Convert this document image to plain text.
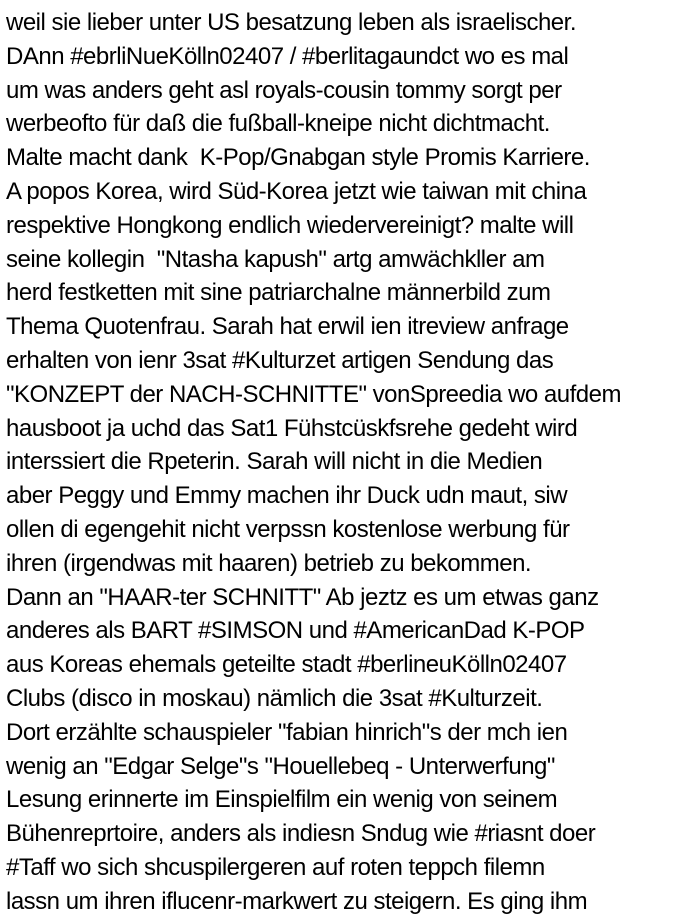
weil sie lieber unter US besatzung leben als israelischer.
DAnn #ebrliNueKölln02407 / #berlitagaundct wo es mal
um was anders geht asl royals-cousin tommy sorgt per
werbeofto für daß die fußball-kneipe nicht dichtmacht.
Malte macht dank  K-Pop/Gnabgan style Promis Karriere.
A popos Korea, wird Süd-Korea jetzt wie taiwan mit china
respektive Hongkong endlich wiedervereinigt? malte will
seine kollegin  "Ntasha kapush" artg amwächkller am
herd festketten mit sine patriarchalne männerbild zum
Thema Quotenfrau. Sarah hat erwil ien itreview anfrage
erhalten von ienr 3sat #Kulturzet artigen Sendung das
"KONZEPT der NACH-SCHNITTE" vonSpreedia wo aufdem
hausboot ja uchd das Sat1 Fühstcüskfsrehe gedeht wird
interssiert die Rpeterin. Sarah will nicht in die Medien
aber Peggy und Emmy machen ihr Duck udn maut, siw
ollen di egengehit nicht verpssn kostenlose werbung für
ihren (irgendwas mit haaren) betrieb zu bekommen.
Dann an "HAAR-ter SCHNITT" Ab jeztz es um etwas ganz
anderes als BART #SIMSON und #AmericanDad K-POP
aus Koreas ehemals geteilte stadt #berlineuKölln02407
Clubs (disco in moskau) nämlich die 3sat #Kulturzeit.
Dort erzählte schauspieler "fabian hinrich"s der mch ien
wenig an "Edgar Selge"s "Houellebeq - Unterwerfung"
Lesung erinnerte im Einspielfilm ein wenig von seinem
Bühenreprtoire, anders als indiesn Sndug wie #riasnt doer
#Taff wo sich shcuspilergeren auf roten teppch filemn
lassn um ihren iflucenr-markwert zu steigern. Es ging ihm
